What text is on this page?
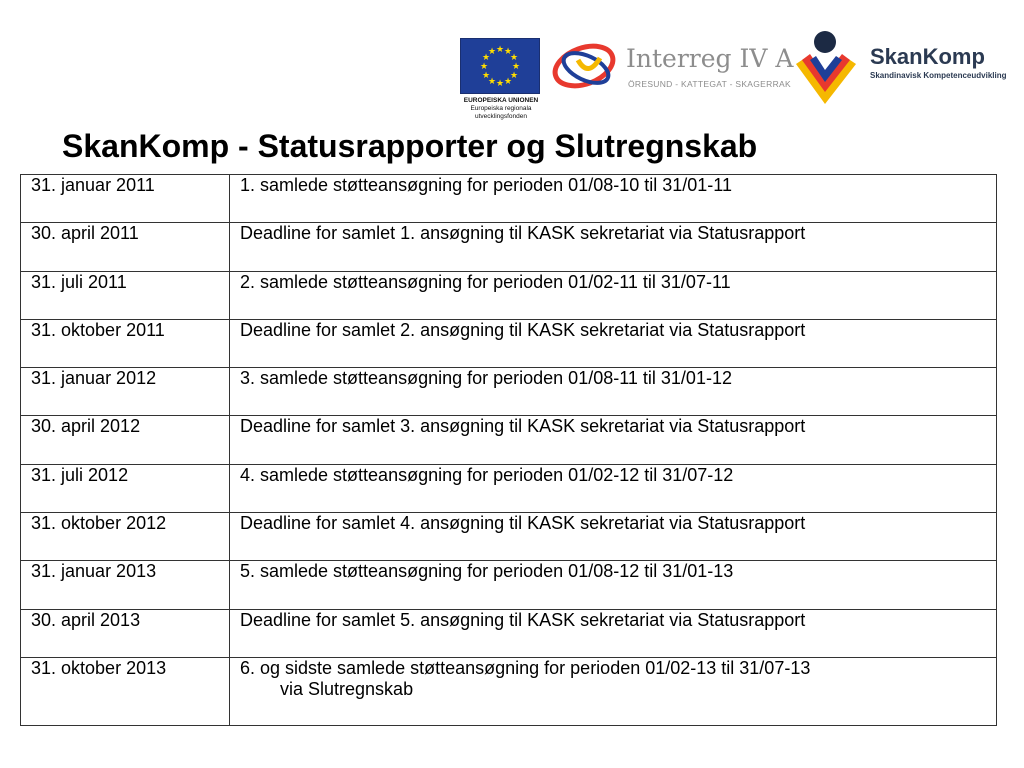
★ ★
★
★
★
★
★
★
★
★
★
★
EUROPEISKA UNIONEN
Europeiska regionala
utvecklingsfonden
Interreg IV A
ÖRESUND - KATTEGAT - SKAGERRAK
SkanKomp
Skandinavisk Kompetenceudvikling
SkanKomp - Statusrapporter og Slutregnskab
31. januar 2011	1. samlede støtteansøgning for perioden 01/08-10 til 31/01-11
30. april 2011	Deadline for samlet 1. ansøgning til KASK sekretariat via Statusrapport
31. juli 2011	2. samlede støtteansøgning for perioden 01/02-11 til 31/07-11
31. oktober 2011	Deadline for samlet 2. ansøgning til KASK sekretariat via Statusrapport
31. januar 2012	3. samlede støtteansøgning for perioden 01/08-11 til 31/01-12
30. april 2012	Deadline for samlet 3. ansøgning til KASK sekretariat via Statusrapport
31. juli 2012	4. samlede støtteansøgning for perioden 01/02-12 til 31/07-12
31. oktober 2012	Deadline for samlet 4. ansøgning til KASK sekretariat via Statusrapport
31. januar 2013	5. samlede støtteansøgning for perioden 01/08-12 til 31/01-13
30. april 2013	Deadline for samlet 5. ansøgning til KASK sekretariat via Statusrapport
31. oktober 2013	6. og sidste samlede støtteansøgning for perioden 01/02-13 til 31/07-13
via Slutregnskab
